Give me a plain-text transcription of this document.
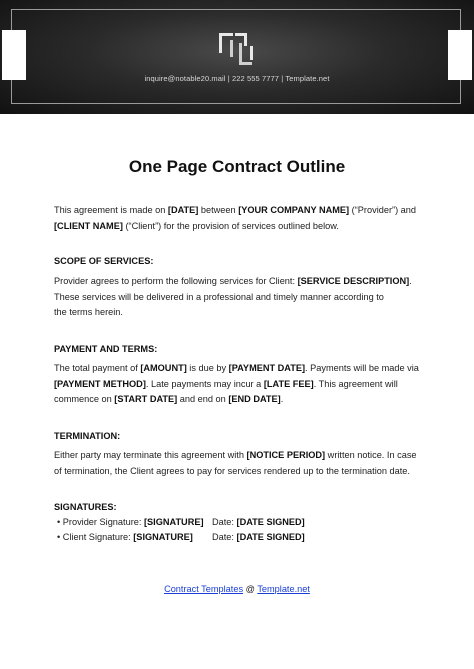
inquire@notable20.mail | 222 555 7777 | Template.net
One Page Contract Outline
This agreement is made on [DATE] between [YOUR COMPANY NAME] (“Provider”) and
[CLIENT NAME] (“Client”) for the provision of services outlined below.
SCOPE OF SERVICES:
Provider agrees to perform the following services for Client: [SERVICE DESCRIPTION].
These services will be delivered in a professional and timely manner according to
the terms herein.
PAYMENT AND TERMS:
The total payment of [AMOUNT] is due by [PAYMENT DATE]. Payments will be made via
[PAYMENT METHOD]. Late payments may incur a [LATE FEE]. This agreement will
commence on [START DATE] and end on [END DATE].
TERMINATION:
Either party may terminate this agreement with [NOTICE PERIOD] written notice. In case
of termination, the Client agrees to pay for services rendered up to the termination date.
SIGNATURES:
• Provider Signature: [SIGNATURE] Date: [DATE SIGNED]
• Client Signature: [SIGNATURE] Date: [DATE SIGNED]
Contract Templates @ Template.net
